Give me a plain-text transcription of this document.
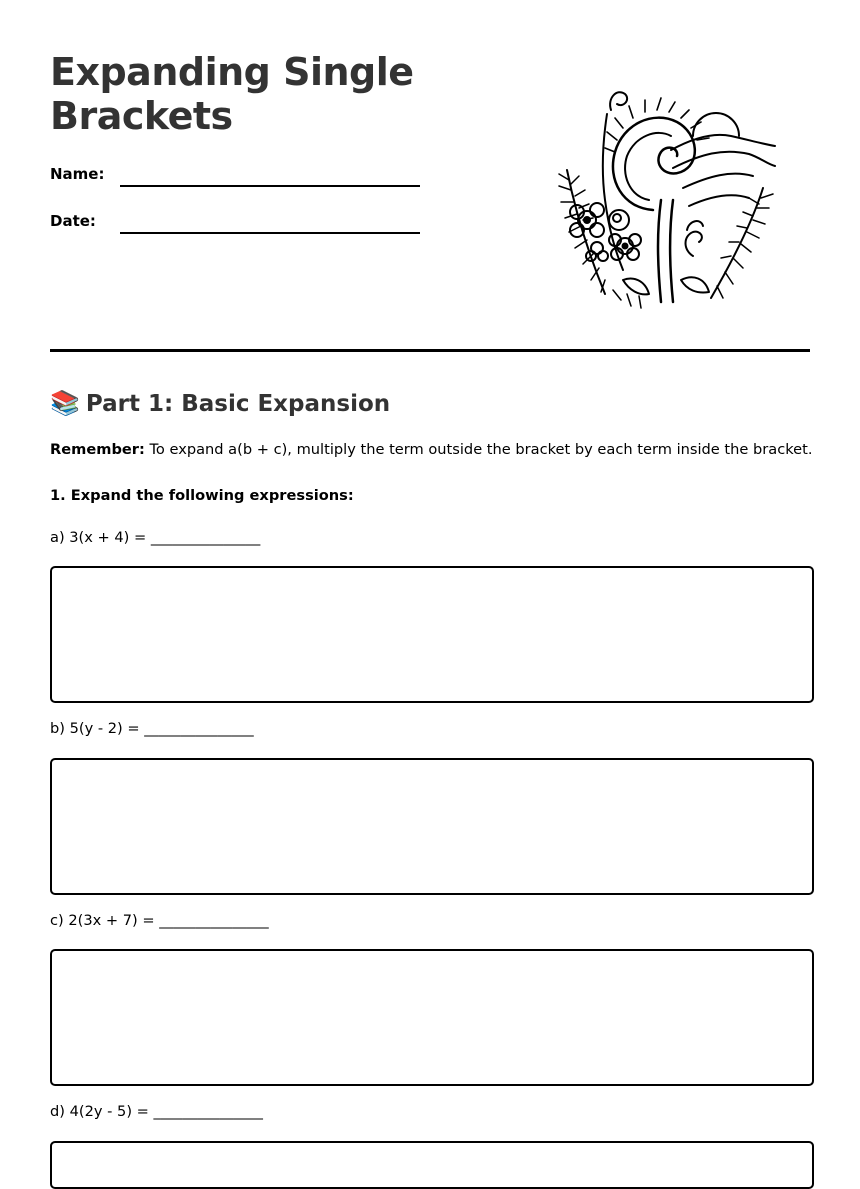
Expanding Single Brackets
Name:
Date:
📚 Part 1: Basic Expansion
Remember: To expand a(b + c), multiply the term outside the bracket by each term inside the bracket.
1. Expand the following expressions:
a) 3(x + 4) = _______________
b) 5(y - 2) = _______________
c) 2(3x + 7) = _______________
d) 4(2y - 5) = _______________
